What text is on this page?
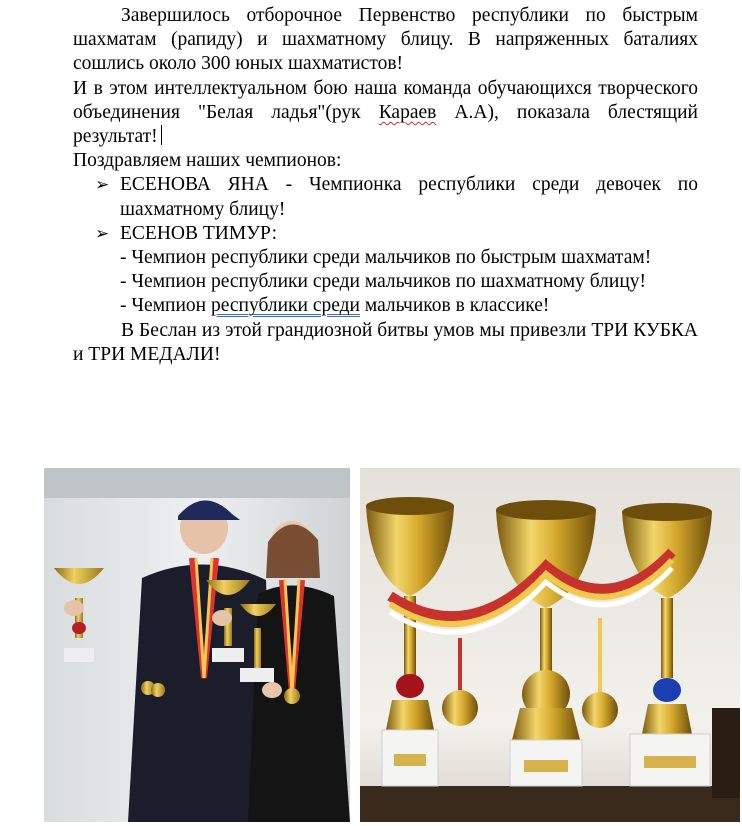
Завершилось отборочное Первенство республики по быстрым шахматам (рапиду) и шахматному блицу. В напряженных баталиях сошлись около 300 юных шахматистов!

И в этом интеллектуальном бою наша команда обучающихся творческого объединения "Белая ладья"(рук Караев А.А), показала блестящий результат!

Поздравляем наших чемпионов:

➢ ЕСЕНОВА ЯНА - Чемпионка республики среди девочек по шахматному блицу!
➢ ЕСЕНОВ ТИМУР:

- Чемпион республики среди мальчиков по быстрым шахматам!

- Чемпион республики среди мальчиков по шахматному блицу!

- Чемпион республики среди мальчиков в классике!

В Беслан из этой грандиозной битвы умов мы привезли ТРИ КУБКА и ТРИ МЕДАЛИ!
